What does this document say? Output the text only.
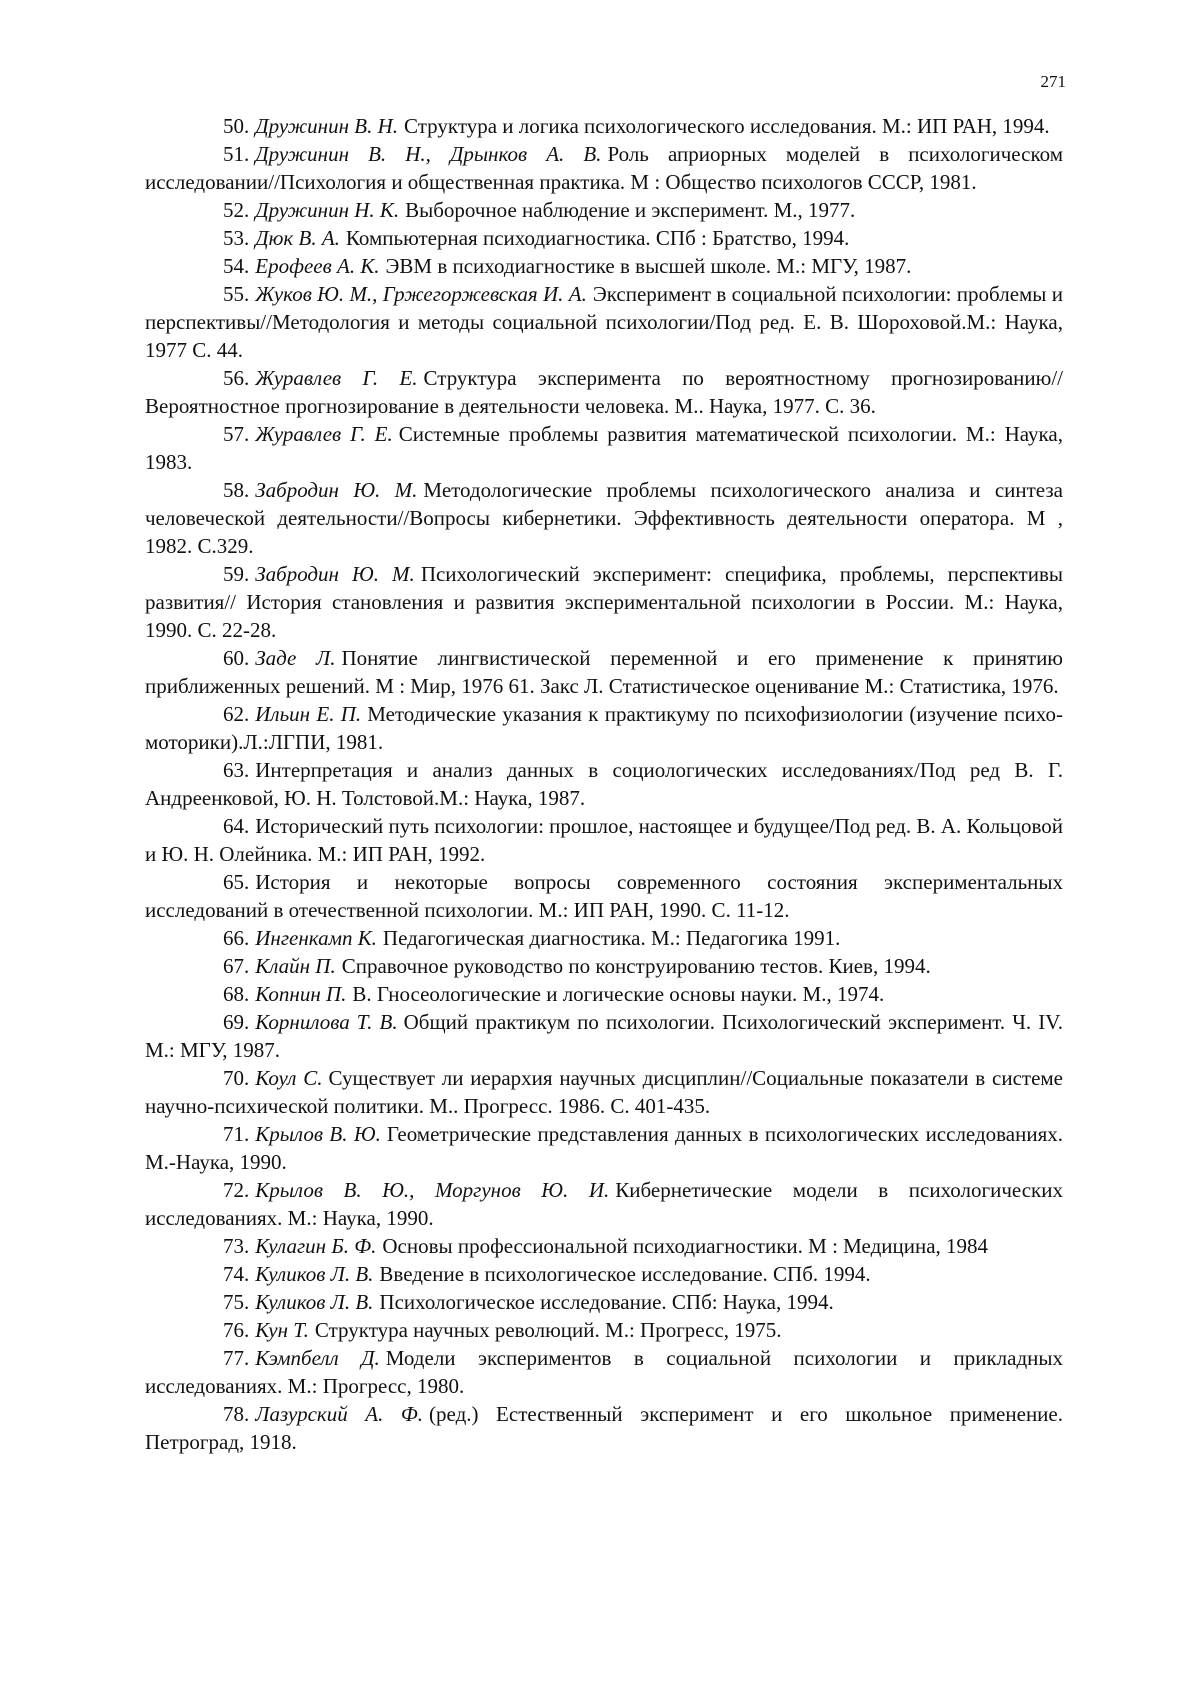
271

50. Дружинин В. Н. Структура и логика психологического исследования. М.: ИП РАН, 1994.

51. Дружинин В. Н., Дрынков А. В. Роль априорных моделей в психологическом исследовании//Психология и общественная практика. М : Общество психологов СССР, 1981.

52. Дружинин Н. К. Выборочное наблюдение и эксперимент. М., 1977.

53. Дюк В. А. Компьютерная психодиагностика. СПб : Братство, 1994.

54. Ерофеев А. К. ЭВМ в психодиагностике в высшей школе. М.: МГУ, 1987.

55. Жуков Ю. М., Гржегоржевская И. А. Эксперимент в социальной психологии: проблемы и перспективы//Методология и методы социальной психологии/Под ред. Е. В. Шороховой.М.: Наука, 1977 С. 44.

56. Журавлев Г. Е. Структура эксперимента по вероятностному прогнозированию// Вероятностное прогнозирование в деятельности человека. М.. Наука, 1977. С. 36.

57. Журавлев Г. Е. Системные проблемы развития математической психологии. М.: Наука, 1983.

58. Забродин Ю. М. Методологические проблемы психологического анализа и синтеза человеческой деятельности//Вопросы кибернетики. Эффективность деятельности оператора. М , 1982. С.329.

59. Забродин Ю. М. Психологический эксперимент: специфика, проблемы, перспективы развития// История становления и развития экспериментальной психологии в России. М.: Наука, 1990. С. 22-28.

60. Заде Л. Понятие лингвистической переменной и его применение к принятию приближенных решений. М : Мир, 1976 61. Закс Л. Статистическое оценивание М.: Статистика, 1976.

62. Ильин Е. П. Методические указания к практикуму по психофизиологии (изучение психо-моторики).Л.:ЛГПИ, 1981.

63. Интерпретация и анализ данных в социологических исследованиях/Под ред В. Г. Андреенковой, Ю. Н. Толстовой.М.: Наука, 1987.

64. Исторический путь психологии: прошлое, настоящее и будущее/Под ред. В. А. Кольцовой и Ю. Н. Олейника. М.: ИП РАН, 1992.

65. История и некоторые вопросы современного состояния экспериментальных исследований в отечественной психологии. М.: ИП РАН, 1990. С. 11-12.

66. Ингенкамп К. Педагогическая диагностика. М.: Педагогика 1991.

67. Клайн П. Справочное руководство по конструированию тестов. Киев, 1994.

68. Копнин П. В. Гносеологические и логические основы науки. М., 1974.

69. Корнилова Т. В. Общий практикум по психологии. Психологический эксперимент. Ч. IV. М.: МГУ, 1987.

70. Коул С. Существует ли иерархия научных дисциплин//Социальные показатели в системе научно-психической политики. М.. Прогресс. 1986. С. 401-435.

71. Крылов В. Ю. Геометрические представления данных в психологических исследованиях. М.-Наука, 1990.

72. Крылов В. Ю., Моргунов Ю. И. Кибернетические модели в психологических исследованиях. М.: Наука, 1990.

73. Кулагин Б. Ф. Основы профессиональной психодиагностики. М : Медицина, 1984

74. Куликов Л. В. Введение в психологическое исследование. СПб. 1994.

75. Куликов Л. В. Психологическое исследование. СПб: Наука, 1994.

76. Кун Т. Структура научных революций. М.: Прогресс, 1975.

77. Кэмпбелл Д. Модели экспериментов в социальной психологии и прикладных исследованиях. М.: Прогресс, 1980.

78. Лазурский А. Ф. (ред.) Естественный эксперимент и его школьное применение. Петроград, 1918.
